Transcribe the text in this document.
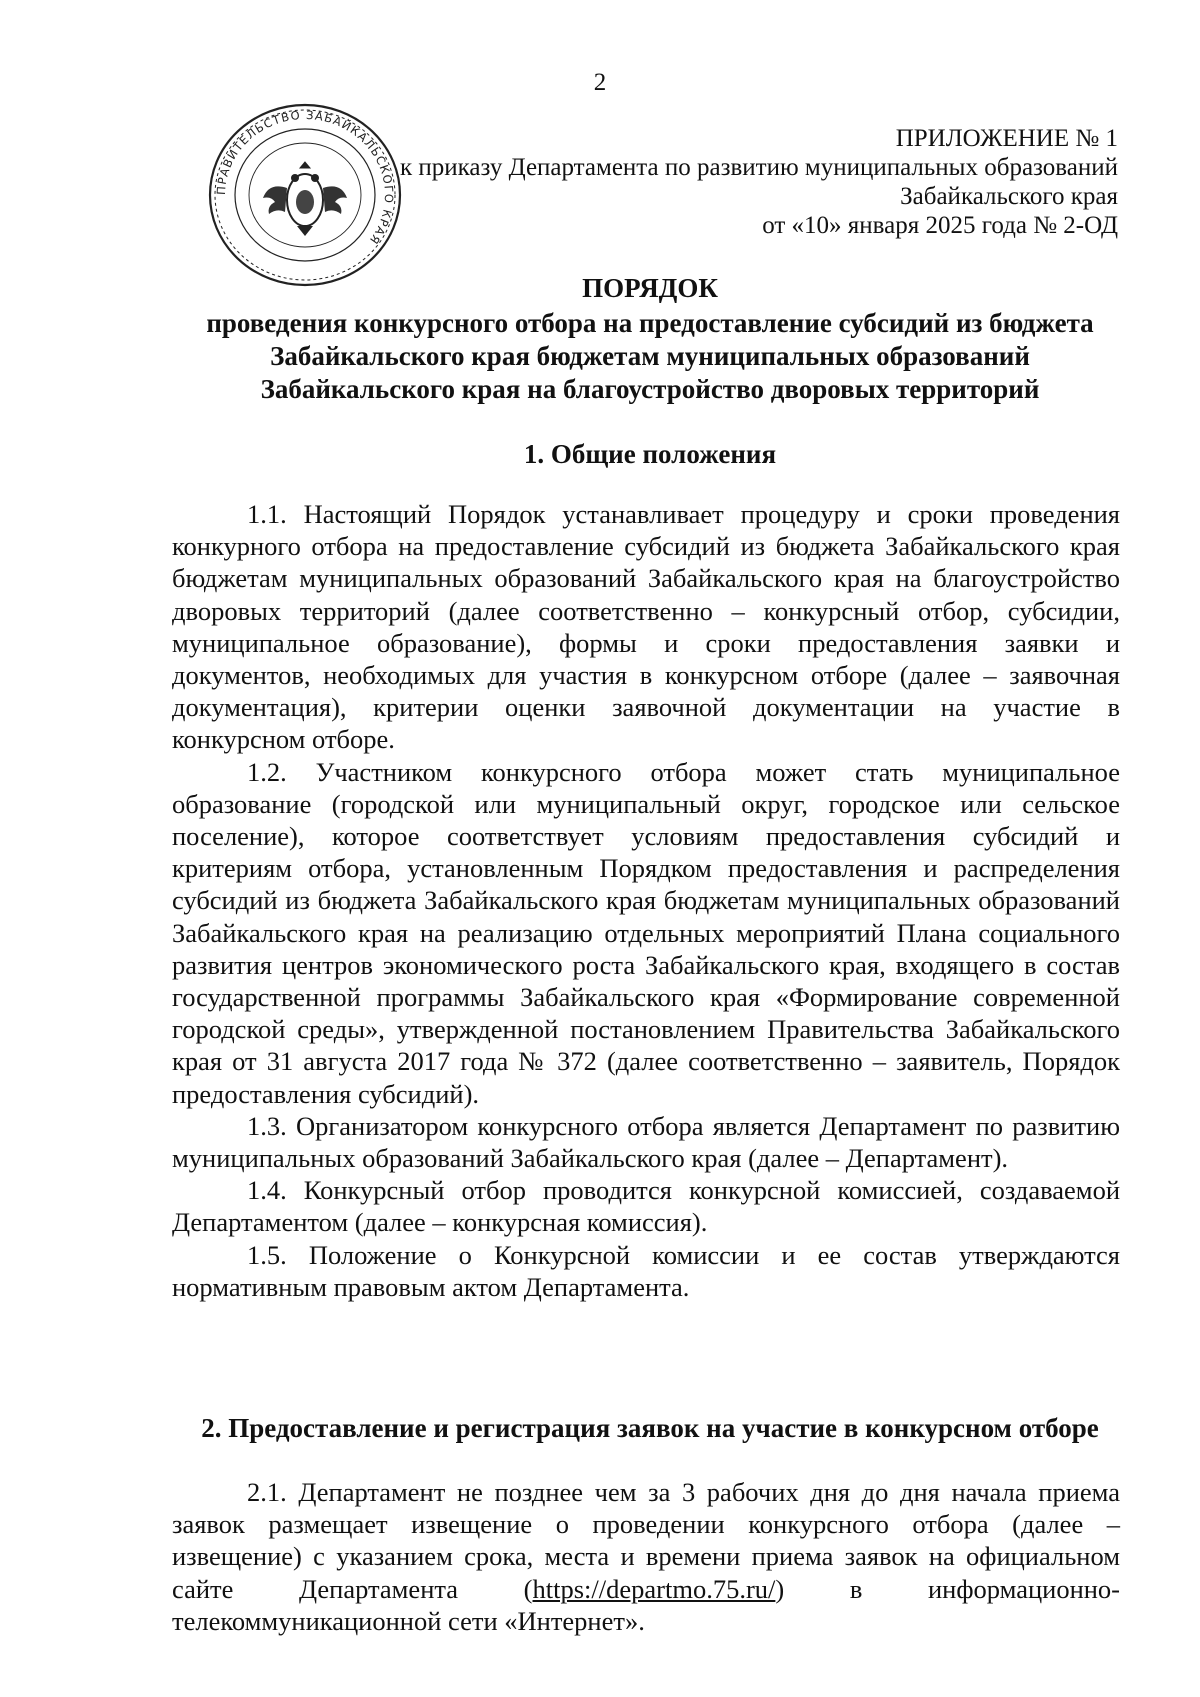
2
ПРАВИТЕЛЬСТВО ЗАБАЙКАЛЬСКОГО КРАЯ
ПРИЛОЖЕНИЕ № 1
к приказу Департамента по развитию муниципальных образований
Забайкальского края
от «10» января 2025 года № 2-ОД
ПОРЯДОК
проведения конкурсного отбора на предоставление субсидий из бюджета
Забайкальского края бюджетам муниципальных образований
Забайкальского края на благоустройство дворовых территорий
1. Общие положения

1.1. Настоящий Порядок устанавливает процедуру и сроки проведения конкурного отбора на предоставление субсидий из бюджета Забайкальского края бюджетам муниципальных образований Забайкальского края на благоустройство дворовых территорий (далее соответственно – конкурсный отбор, субсидии, муниципальное образование), формы и сроки предоставления заявки и документов, необходимых для участия в конкурсном отборе (далее – заявочная документация), критерии оценки заявочной документации на участие в конкурсном отборе.

1.2. Участником конкурсного отбора может стать муниципальное образование (городской или муниципальный округ, городское или сельское поселение), которое соответствует условиям предоставления субсидий и критериям отбора, установленным Порядком предоставления и распределения субсидий из бюджета Забайкальского края бюджетам муниципальных образований Забайкальского края на реализацию отдельных мероприятий Плана социального развития центров экономического роста Забайкальского края, входящего в состав государственной программы Забайкальского края «Формирование современной городской среды», утвержденной постановлением Правительства Забайкальского края от 31 августа 2017 года № 372 (далее соответственно – заявитель, Порядок предоставления субсидий).

1.3. Организатором конкурсного отбора является Департамент по развитию муниципальных образований Забайкальского края (далее – Департамент).

1.4. Конкурсный отбор проводится конкурсной комиссией, создаваемой Департаментом (далее – конкурсная комиссия).

1.5. Положение о Конкурсной комиссии и ее состав утверждаются нормативным правовым актом Департамента.

2. Предоставление и регистрация заявок на участие в конкурсном отборе

2.1. Департамент не позднее чем за 3 рабочих дня до дня начала приема заявок размещает извещение о проведении конкурсного отбора (далее – извещение) с указанием срока, места и времени приема заявок на официальном сайте Департамента (https://departmo.75.ru/) в информационно-телекоммуникационной сети «Интернет».
